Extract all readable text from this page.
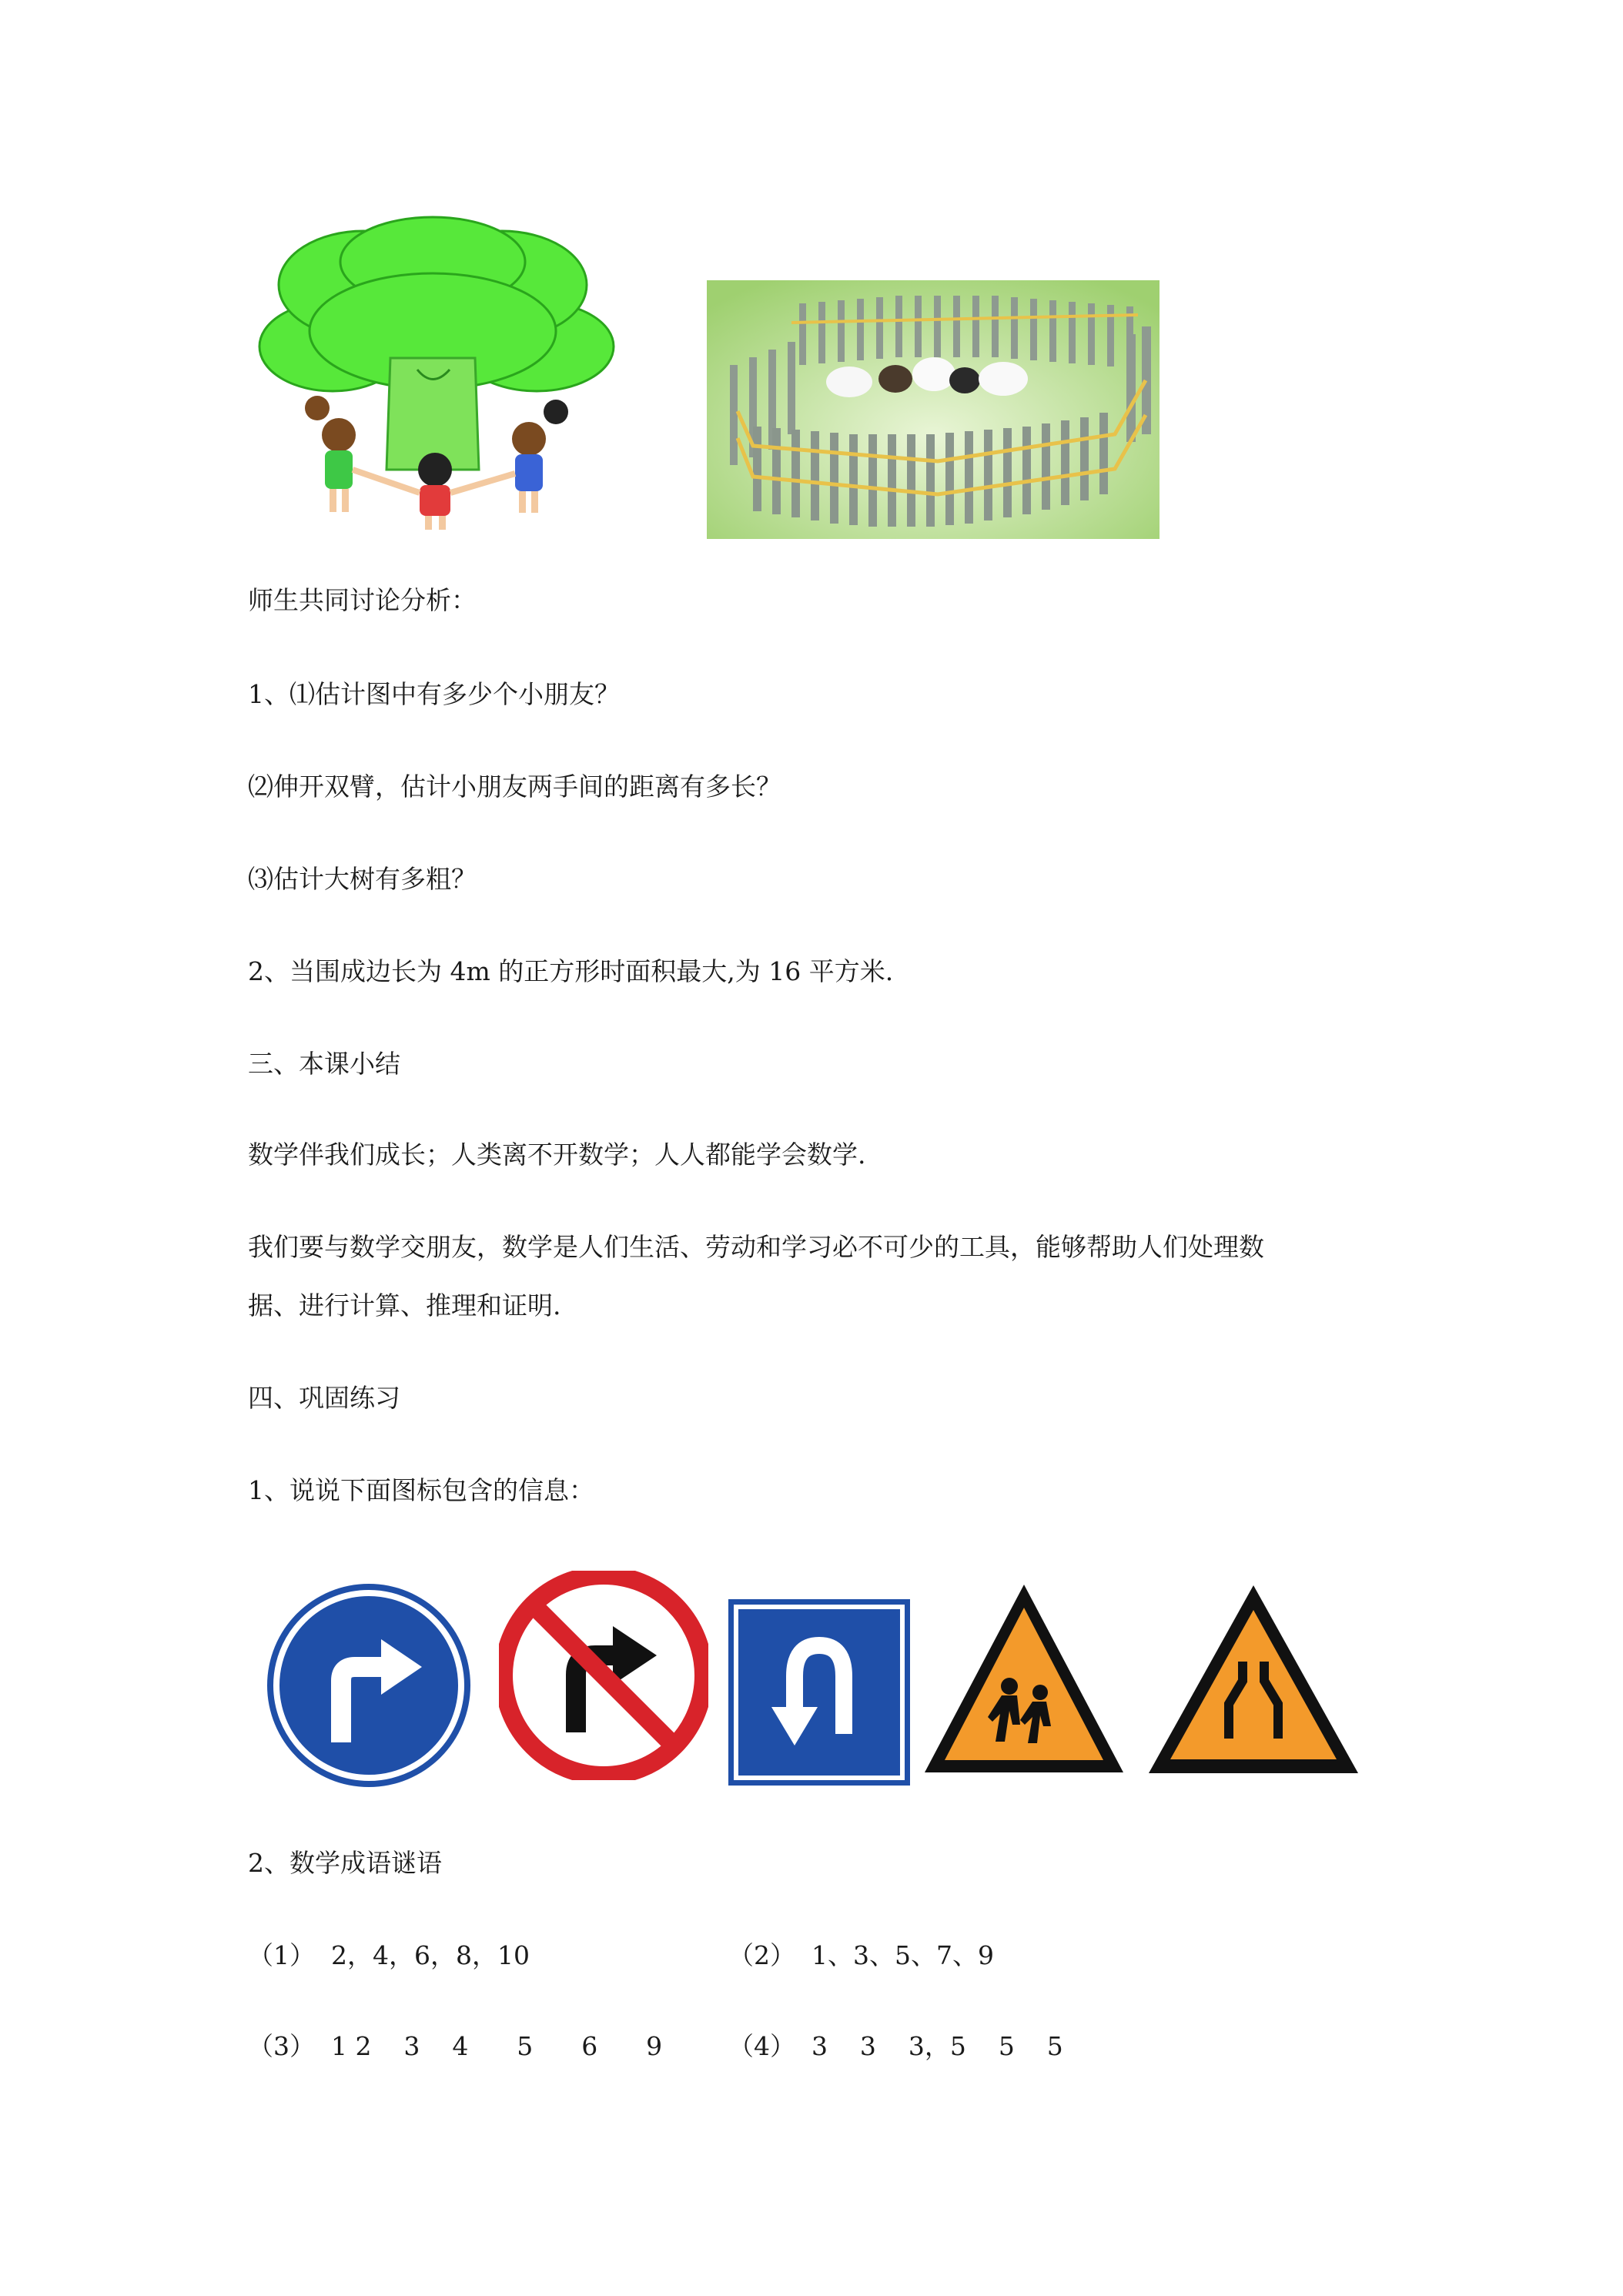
师生共同讨论分析：
1、⑴估计图中有多少个小朋友？
⑵伸开双臂，估计小朋友两手间的距离有多长？
⑶估计大树有多粗？
2、当围成边长为 4m 的正方形时面积最大,为 16 平方米.
三、本课小结
数学伴我们成长；人类离不开数学；人人都能学会数学.
我们要与数学交朋友，数学是人们生活、劳动和学习必不可少的工具，能够帮助人们处理数
据、进行计算、推理和证明.
四、巩固练习
1、说说下面图标包含的信息：
2、数学成语谜语
（1）  2，4，6，8，10	（2）  1、3、5、7、9
（3）  1 2    3    4      5      6      9	（4）  3    3    3，5    5    5
